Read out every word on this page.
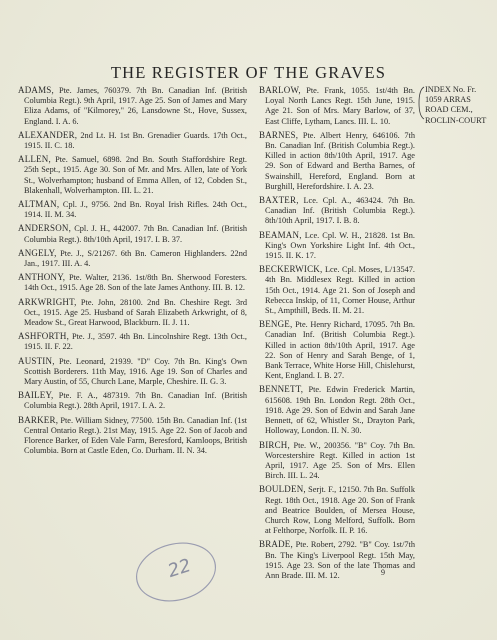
THE REGISTER OF THE GRAVES

ADAMS, Pte. James, 760379. 7th Bn. Canadian Inf. (British Columbia Regt.). 9th April, 1917. Age 25. Son of James and Mary Eliza Adams, of "Kilmorey," 26, Lansdowne St., Hove, Sussex, England. I. A. 6.

ALEXANDER, 2nd Lt. H. 1st Bn. Grenadier Guards. 17th Oct., 1915. II. C. 18.

ALLEN, Pte. Samuel, 6898. 2nd Bn. South Staffordshire Regt. 25th Sept., 1915. Age 30. Son of Mr. and Mrs. Allen, late of York St., Wolverhampton; husband of Emma Allen, of 12, Cobden St., Blakenhall, Wolverhampton. III. L. 21.

ALTMAN, Cpl. J., 9756. 2nd Bn. Royal Irish Rifles. 24th Oct., 1914. II. M. 34.

ANDERSON, Cpl. J. H., 442007. 7th Bn. Canadian Inf. (British Columbia Regt.). 8th/10th April, 1917. I. B. 37.

ANGELY, Pte. J., S/21267. 6th Bn. Cameron Highlanders. 22nd Jan., 1917. III. A. 4.

ANTHONY, Pte. Walter, 2136. 1st/8th Bn. Sherwood Foresters. 14th Oct., 1915. Age 28. Son of the late James Anthony. III. B. 12.

ARKWRIGHT, Pte. John, 28100. 2nd Bn. Cheshire Regt. 3rd Oct., 1915. Age 25. Husband of Sarah Elizabeth Arkwright, of 8, Meadow St., Great Harwood, Blackburn. II. J. 11.

ASHFORTH, Pte. J., 3597. 4th Bn. Lincolnshire Regt. 13th Oct., 1915. II. F. 22.

AUSTIN, Pte. Leonard, 21939. "D" Coy. 7th Bn. King's Own Scottish Borderers. 11th May, 1916. Age 19. Son of Charles and Mary Austin, of 55, Church Lane, Marple, Cheshire. II. G. 3.

BAILEY, Pte. F. A., 487319. 7th Bn. Canadian Inf. (British Columbia Regt.). 28th April, 1917. I. A. 2.

BARKER, Pte. William Sidney, 77500. 15th Bn. Canadian Inf. (1st Central Ontario Regt.). 21st May, 1915. Age 22. Son of Jacob and Florence Barker, of Eden Vale Farm, Beresford, Kamloops, British Columbia. Born at Castle Eden, Co. Durham. II. N. 34.

BARLOW, Pte. Frank, 1055. 1st/4th Bn. Loyal North Lancs Regt. 15th June, 1915. Age 21. Son of Mrs. Mary Barlow, of 37, East Cliffe, Lytham, Lancs. III. L. 10.

BARNES, Pte. Albert Henry, 646106. 7th Bn. Canadian Inf. (British Columbia Regt.). Killed in action 8th/10th April, 1917. Age 29. Son of Edward and Bertha Barnes, of Swainshill, Hereford, England. Born at Burghill, Herefordshire. I. A. 23.

BAXTER, Lce. Cpl. A., 463424. 7th Bn. Canadian Inf. (British Columbia Regt.). 8th/10th April, 1917. I. B. 8.

BEAMAN, Lce. Cpl. W. H., 21828. 1st Bn. King's Own Yorkshire Light Inf. 4th Oct., 1915. II. K. 17.

BECKERWICK, Lce. Cpl. Moses, L/13547. 4th Bn. Middlesex Regt. Killed in action 15th Oct., 1914. Age 21. Son of Joseph and Rebecca Inskip, of 11, Corner House, Arthur St., Ampthill, Beds. II. M. 21.

BENGE, Pte. Henry Richard, 17095. 7th Bn. Canadian Inf. (British Columbia Regt.). Killed in action 8th/10th April, 1917. Age 22. Son of Henry and Sarah Benge, of 1, Bank Terrace, White Horse Hill, Chislehurst, Kent, England. I. B. 27.

BENNETT, Pte. Edwin Frederick Martin, 615608. 19th Bn. London Regt. 28th Oct., 1918. Age 29. Son of Edwin and Sarah Jane Bennett, of 62, Whistler St., Drayton Park, Holloway, London. II. N. 30.

BIRCH, Pte. W., 200356. "B" Coy. 7th Bn. Worcestershire Regt. Killed in action 1st April, 1917. Age 25. Son of Mrs. Ellen Birch. III. L. 24.

BOULDEN, Serjt. F., 12150. 7th Bn. Suffolk Regt. 18th Oct., 1918. Age 20. Son of Frank and Beatrice Boulden, of Mersea House, Church Row, Long Melford, Suffolk. Born at Felthorpe, Norfolk. II. P. 16.

BRADE, Pte. Robert, 2792. "B" Coy. 1st/7th Bn. The King's Liverpool Regt. 15th May, 1915. Age 23. Son of the late Thomas and Ann Brade. III. M. 12.

INDEX No. Fr. 1059 ARRAS ROAD CEM., ROCLIN-COURT
9
22
